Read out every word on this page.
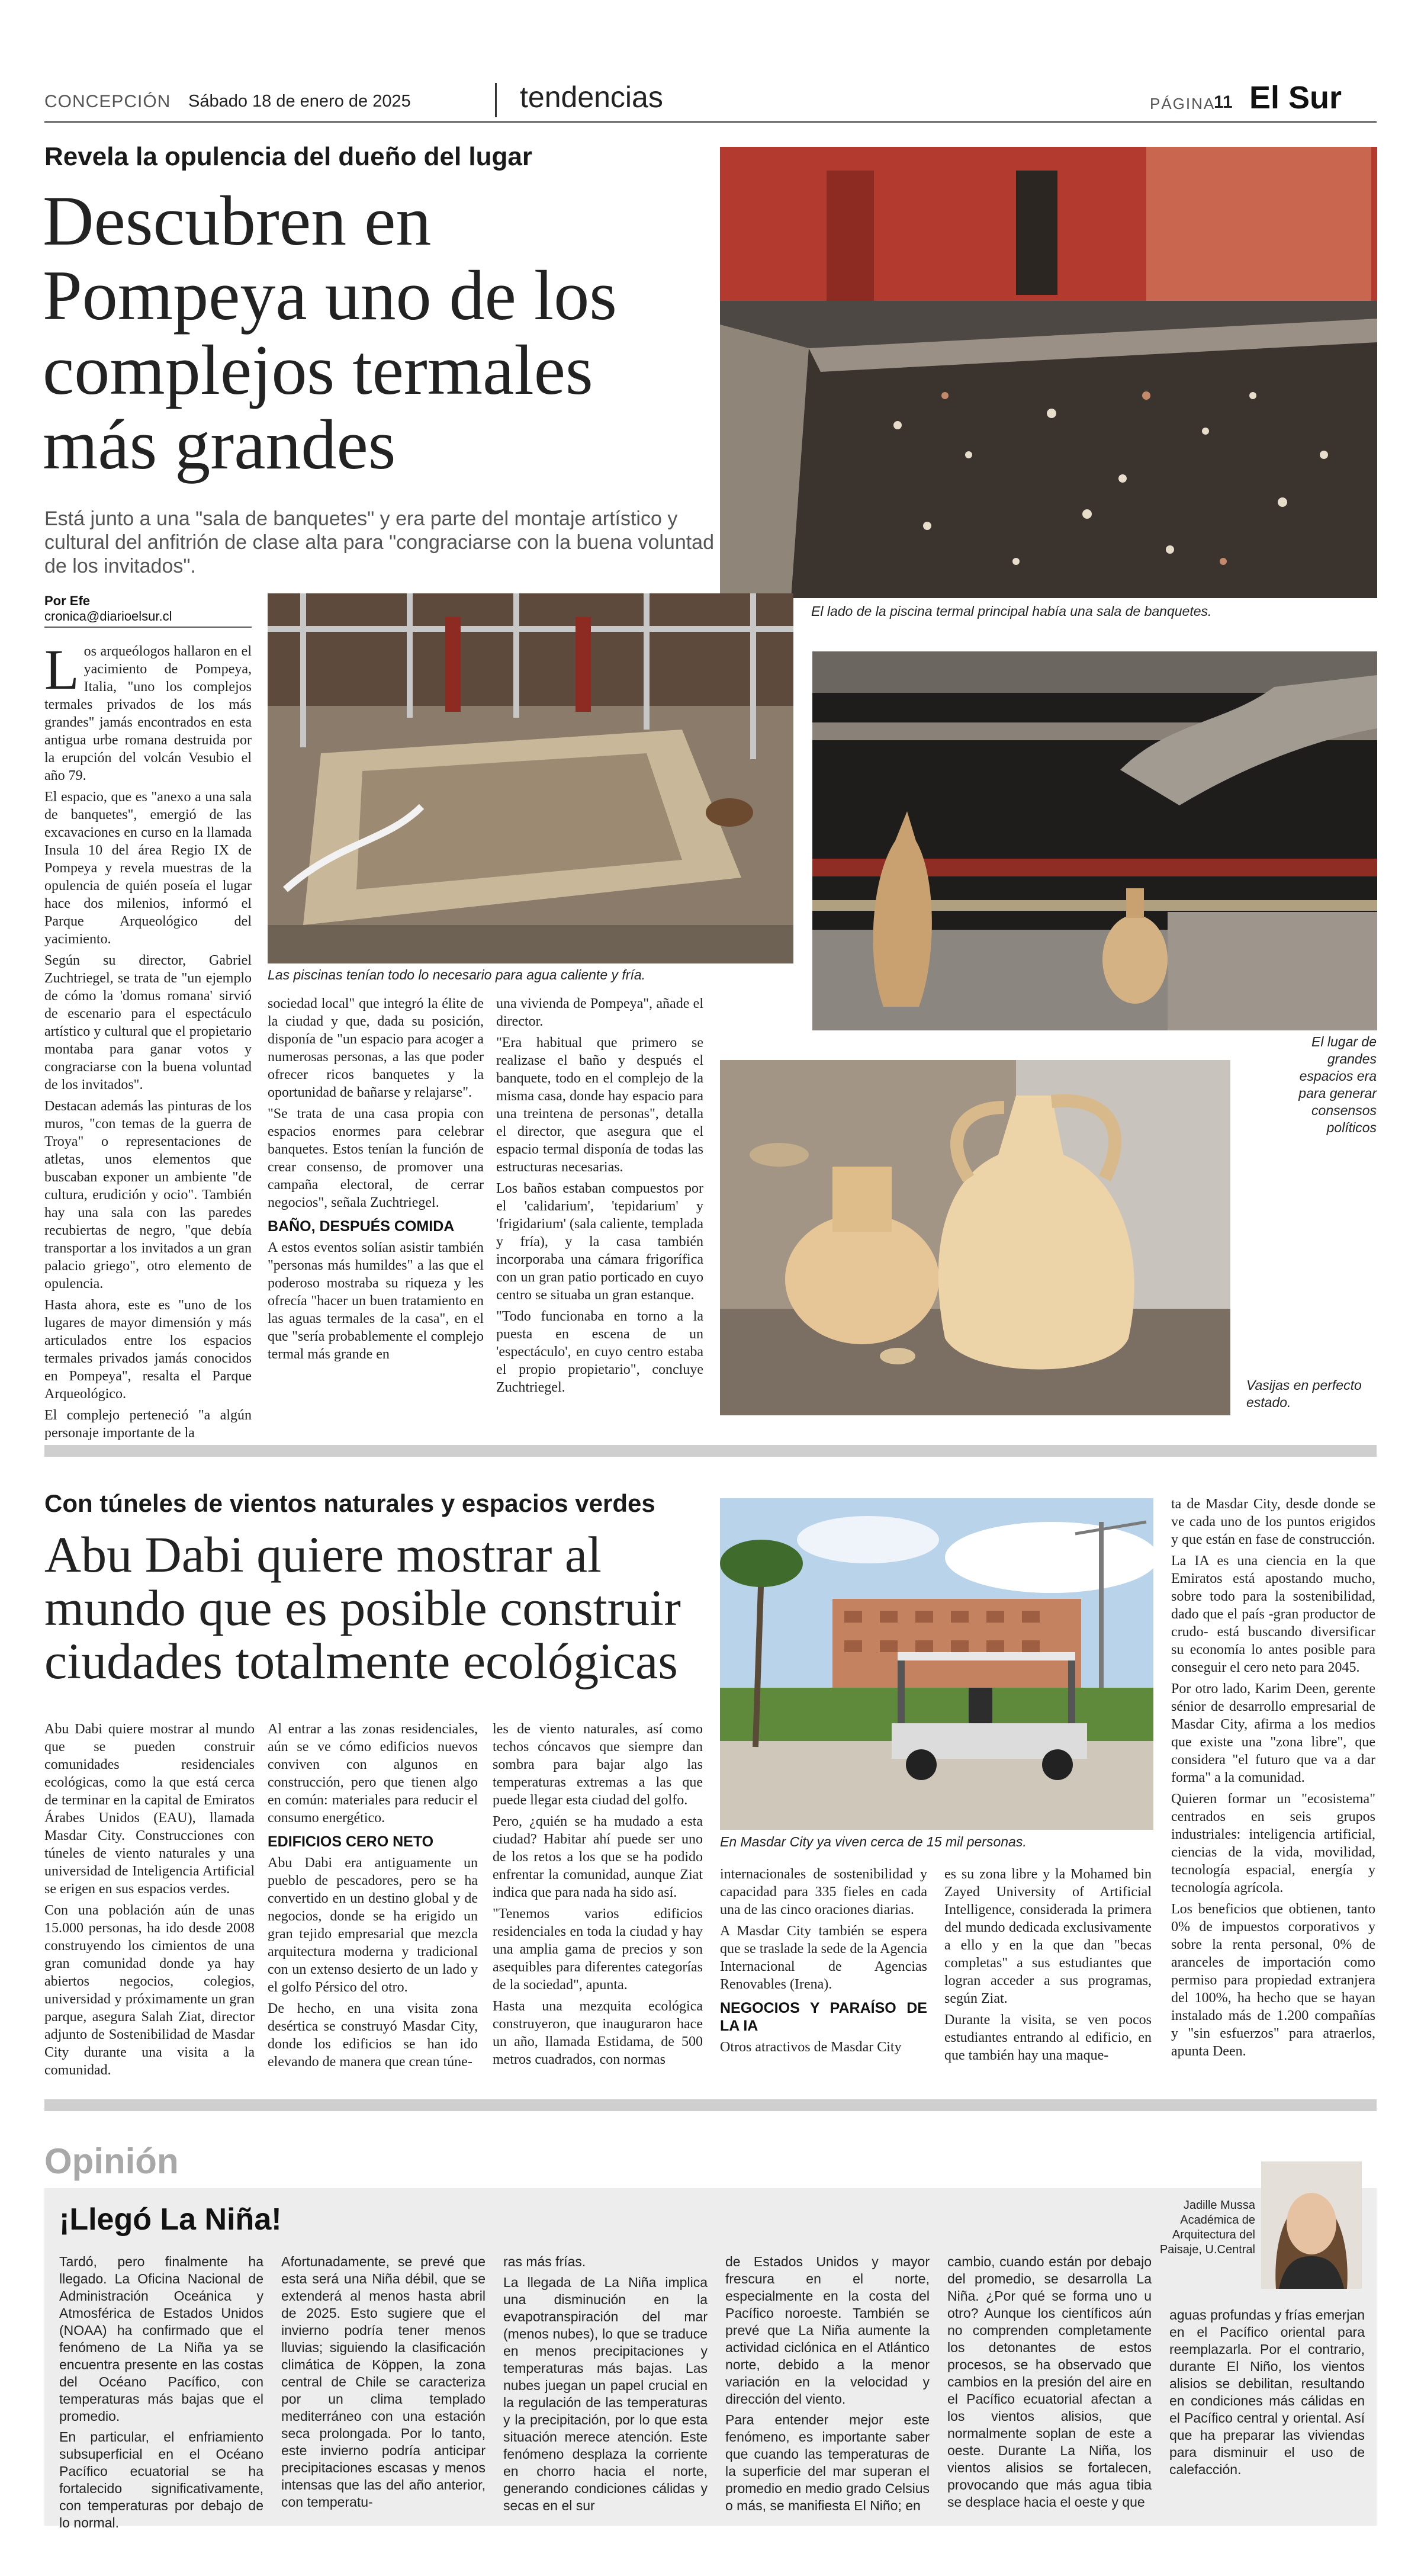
CONCEPCIÓN Sábado 18 de enero de 2025	tendencias	PÁGINA
11 El Sur
Revela la opulencia del dueño del lugar
Descubren en Pompeya uno de los complejos termales más grandes
Está junto a una "sala de banquetes" y era parte del montaje artístico y cultural del anfitrión de clase alta para "congraciarse con la buena voluntad de los invitados".
Por Efe
cronica@diarioelsur.cl	El lado de la piscina termal principal había una sala de banquetes.
Las piscinas tenían todo lo necesario para agua caliente y fría.
El lugar de grandes espacios era para generar consensos políticos
Vasijas en perfecto estado.

Los arqueólogos hallaron en el yacimiento de Pompeya, Italia, "uno los complejos termales privados de los más grandes" jamás encontrados en esta antigua urbe romana destruida por la erupción del volcán Vesubio el año 79.

El espacio, que es "anexo a una sala de banquetes", emergió de las excavaciones en curso en la llamada Insula 10 del área Regio IX de Pompeya y revela muestras de la opulencia de quién poseía el lugar hace dos milenios, informó el Parque Arqueológico del yacimiento.

Según su director, Gabriel Zuchtriegel, se trata de "un ejemplo de cómo la 'domus romana' sirvió de escenario para el espectáculo artístico y cultural que el propietario montaba para ganar votos y congraciarse con la buena voluntad de los invitados".

Destacan además las pinturas de los muros, "con temas de la guerra de Troya" o representaciones de atletas, unos elementos que buscaban exponer un ambiente "de cultura, erudición y ocio". También hay una sala con las paredes recubiertas de negro, "que debía transportar a los invitados a un gran palacio griego", otro elemento de opulencia.

Hasta ahora, este es "uno de los lugares de mayor dimensión y más articulados entre los espacios termales privados jamás conocidos en Pompeya", resalta el Parque Arqueológico.

El complejo perteneció "a algún personaje importante de la

sociedad local" que integró la élite de la ciudad y que, dada su posición, disponía de "un espacio para acoger a numerosas personas, a las que poder ofrecer ricos banquetes y la oportunidad de bañarse y relajarse".

"Se trata de una casa propia con espacios enormes para celebrar banquetes. Estos tenían la función de crear consenso, de promover una campaña electoral, de cerrar negocios", señala Zuchtriegel.

BAÑO, DESPUÉS COMIDA

A estos eventos solían asistir también "personas más humildes" a las que el poderoso mostraba su riqueza y les ofrecía "hacer un buen tratamiento en las aguas termales de la casa", en el que "sería probablemente el complejo termal más grande en

una vivienda de Pompeya", añade el director.

"Era habitual que primero se realizase el baño y después el banquete, todo en el complejo de la misma casa, donde hay espacio para una treintena de personas", detalla el director, que asegura que el espacio termal disponía de todas las estructuras necesarias.

Los baños estaban compuestos por el 'calidarium', 'tepidarium' y 'frigidarium' (sala caliente, templada y fría), y la casa también incorporaba una cámara frigorífica con un gran patio porticado en cuyo centro se situaba un gran estanque.

"Todo funcionaba en torno a la puesta en escena de un 'espectáculo', en cuyo centro estaba el propio propietario", concluye Zuchtriegel.

Con túneles de vientos naturales y espacios verdes
Abu Dabi quiere mostrar al mundo que es posible construir ciudades totalmente ecológicas
En Masdar City ya viven cerca de 15 mil personas.

Abu Dabi quiere mostrar al mundo que se pueden construir comunidades residenciales ecológicas, como la que está cerca de terminar en la capital de Emiratos Árabes Unidos (EAU), llamada Masdar City. Construcciones con túneles de viento naturales y una universidad de Inteligencia Artificial se erigen en sus espacios verdes.

Con una población aún de unas 15.000 personas, ha ido desde 2008 construyendo los cimientos de una gran comunidad donde ya hay abiertos negocios, colegios, universidad y próximamente un gran parque, asegura Salah Ziat, director adjunto de Sostenibilidad de Masdar City durante una visita a la comunidad.

Al entrar a las zonas residenciales, aún se ve cómo edificios nuevos conviven con algunos en construcción, pero que tienen algo en común: materiales para reducir el consumo energético.

EDIFICIOS CERO NETO

Abu Dabi era antiguamente un pueblo de pescadores, pero se ha convertido en un destino global y de negocios, donde se ha erigido un gran tejido empresarial que mezcla arquitectura moderna y tradicional con un extenso desierto de un lado y el golfo Pérsico del otro.

De hecho, en una visita zona desértica se construyó Masdar City, donde los edificios se han ido elevando de manera que crean túne-

les de viento naturales, así como techos cóncavos que siempre dan sombra para bajar algo las temperaturas extremas a las que puede llegar esta ciudad del golfo.

Pero, ¿quién se ha mudado a esta ciudad? Habitar ahí puede ser uno de los retos a los que se ha podido enfrentar la comunidad, aunque Ziat indica que para nada ha sido así.

"Tenemos varios edificios residenciales en toda la ciudad y hay una amplia gama de precios y son asequibles para diferentes categorías de la sociedad", apunta.

Hasta una mezquita ecológica construyeron, que inauguraron hace un año, llamada Estidama, de 500 metros cuadrados, con normas

internacionales de sostenibilidad y capacidad para 335 fieles en cada una de las cinco oraciones diarias.

A Masdar City también se espera que se traslade la sede de la Agencia Internacional de Agencias Renovables (Irena).

NEGOCIOS Y PARAÍSO DE LA IA

Otros atractivos de Masdar City

es su zona libre y la Mohamed bin Zayed University of Artificial Intelligence, considerada la primera del mundo dedicada exclusivamente a ello y en la que dan "becas completas" a sus estudiantes que logran acceder a sus programas, según Ziat.

Durante la visita, se ven pocos estudiantes entrando al edificio, en que también hay una maque-

ta de Masdar City, desde donde se ve cada uno de los puntos erigidos y que están en fase de construcción.

La IA es una ciencia en la que Emiratos está apostando mucho, sobre todo para la sostenibilidad, dado que el país -gran productor de crudo- está buscando diversificar su economía lo antes posible para conseguir el cero neto para 2045.

Por otro lado, Karim Deen, gerente sénior de desarrollo empresarial de Masdar City, afirma a los medios que existe una "zona libre", que considera "el futuro que va a dar forma" a la comunidad.

Quieren formar un "ecosistema" centrados en seis grupos industriales: inteligencia artificial, ciencias de la vida, movilidad, tecnología espacial, energía y tecnología agrícola.

Los beneficios que obtienen, tanto 0% de impuestos corporativos y sobre la renta personal, 0% de aranceles de importación como permiso para propiedad extranjera del 100%, ha hecho que se hayan instalado más de 1.200 compañías y "sin esfuerzos" para atraerlos, apunta Deen.

Opinión
¡Llegó La Niña!	Jadille Mussa
Académica de Arquitectura del Paisaje, U.Central

Tardó, pero finalmente ha llegado. La Oficina Nacional de Administración Oceánica y Atmosférica de Estados Unidos (NOAA) ha confirmado que el fenómeno de La Niña ya se encuentra presente en las costas del Océano Pacífico, con temperaturas más bajas que el promedio.

En particular, el enfriamiento subsuperficial en el Océano Pacífico ecuatorial se ha fortalecido significativamente, con temperaturas por debajo de lo normal.

Afortunadamente, se prevé que esta será una Niña débil, que se extenderá al menos hasta abril de 2025. Esto sugiere que el invierno podría tener menos lluvias; siguiendo la clasificación climática de Köppen, la zona central de Chile se caracteriza por un clima templado mediterráneo con una estación seca prolongada. Por lo tanto, este invierno podría anticipar precipitaciones escasas y menos intensas que las del año anterior, con temperatu-

ras más frías.

La llegada de La Niña implica una disminución en la evapotranspiración del mar (menos nubes), lo que se traduce en menos precipitaciones y temperaturas más bajas. Las nubes juegan un papel crucial en la regulación de las temperaturas y la precipitación, por lo que esta situación merece atención. Este fenómeno desplaza la corriente en chorro hacia el norte, generando condiciones cálidas y secas en el sur

de Estados Unidos y mayor frescura en el norte, especialmente en la costa del Pacífico noroeste. También se prevé que La Niña aumente la actividad ciclónica en el Atlántico norte, debido a la menor variación en la velocidad y dirección del viento.

Para entender mejor este fenómeno, es importante saber que cuando las temperaturas de la superficie del mar superan el promedio en medio grado Celsius o más, se manifiesta El Niño; en

cambio, cuando están por debajo del promedio, se desarrolla La Niña. ¿Por qué se forma uno u otro? Aunque los científicos aún no comprenden completamente los detonantes de estos procesos, se ha observado que cambios en la presión del aire en el Pacífico ecuatorial afectan a los vientos alisios, que normalmente soplan de este a oeste. Durante La Niña, los vientos alisios se fortalecen, provocando que más agua tibia se desplace hacia el oeste y que

aguas profundas y frías emerjan en el Pacífico oriental para reemplazarla. Por el contrario, durante El Niño, los vientos alisios se debilitan, resultando en condiciones más cálidas en el Pacífico central y oriental. Así que ha preparar las viviendas para disminuir el uso de calefacción.
